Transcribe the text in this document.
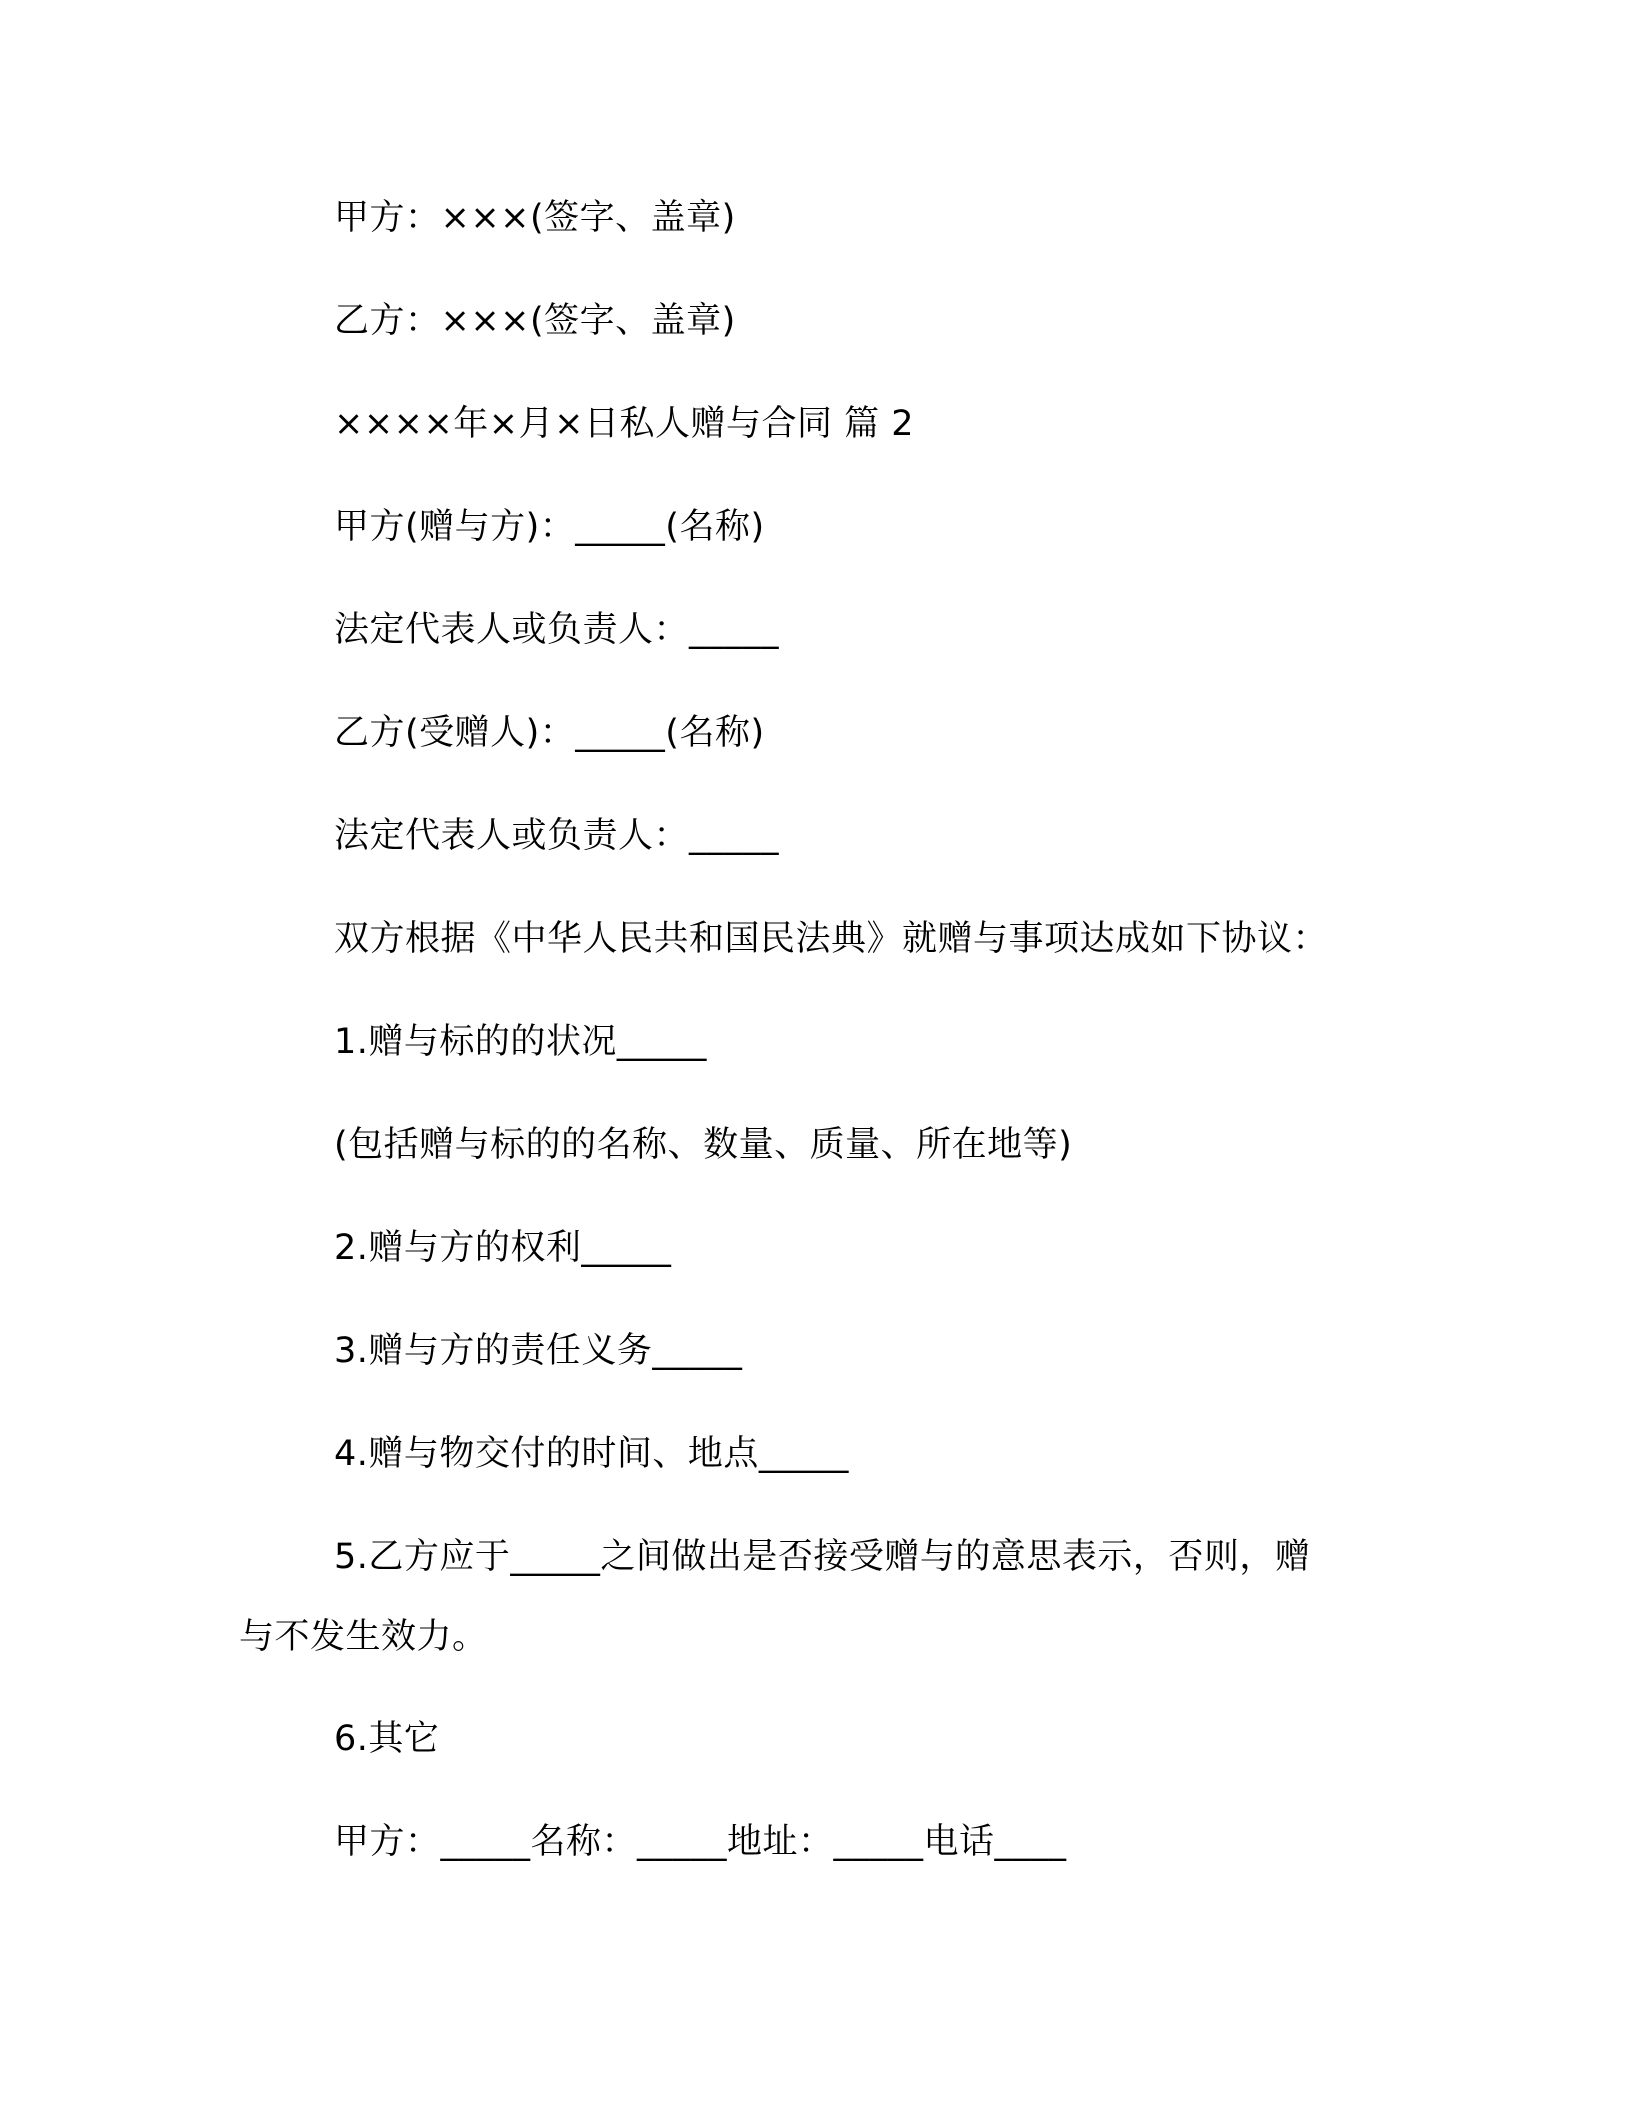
甲方：×××(签字、盖章)
乙方：×××(签字、盖章)
××××年×月×日私人赠与合同 篇 2
甲方(赠与方)：_____(名称)
法定代表人或负责人：_____
乙方(受赠人)：_____(名称)
法定代表人或负责人：_____
双方根据《中华人民共和国民法典》就赠与事项达成如下协议：
1.赠与标的的状况_____
(包括赠与标的的名称、数量、质量、所在地等)
2.赠与方的权利_____
3.赠与方的责任义务_____
4.赠与物交付的时间、地点_____
5.乙方应于_____之间做出是否接受赠与的意思表示，否则，赠
与不发生效力。
6.其它
甲方：_____名称：_____地址：_____电话____
